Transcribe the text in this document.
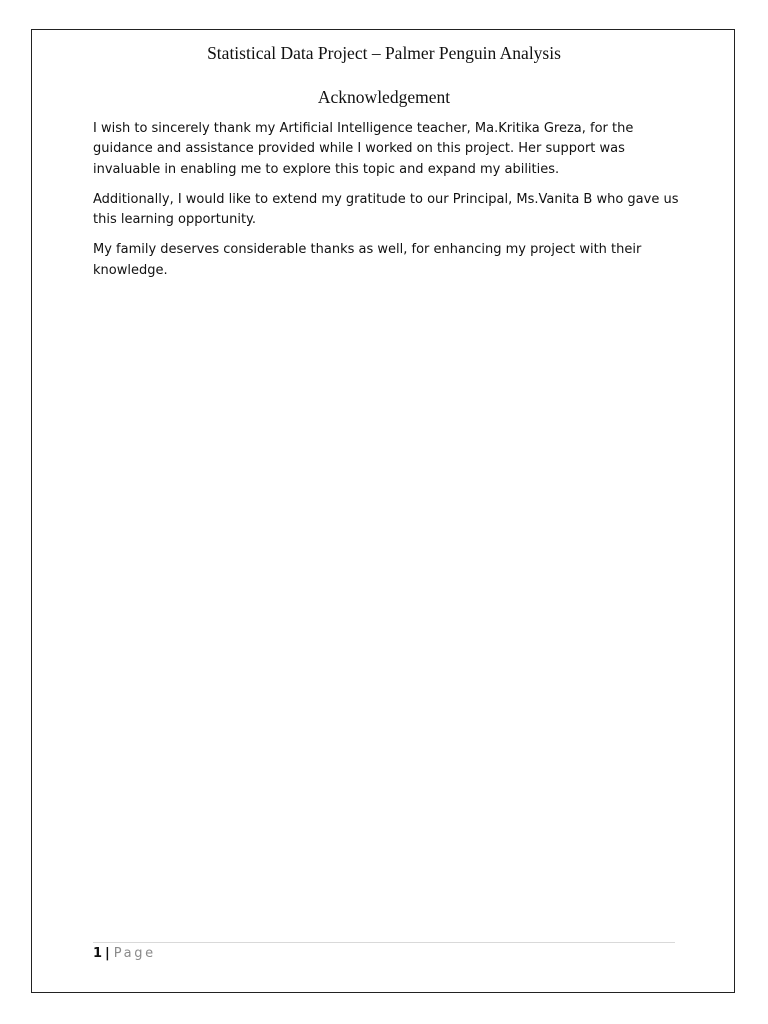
Statistical Data Project – Palmer Penguin Analysis
Acknowledgement

I wish to sincerely thank my Artificial Intelligence teacher, Ma.Kritika Greza, for the guidance and assistance provided while I worked on this project. Her support was invaluable in enabling me to explore this topic and expand my abilities.

Additionally, I would like to extend my gratitude to our Principal, Ms.Vanita B who gave us this learning opportunity.

My family deserves considerable thanks as well, for enhancing my project with their knowledge.

1 | Page
